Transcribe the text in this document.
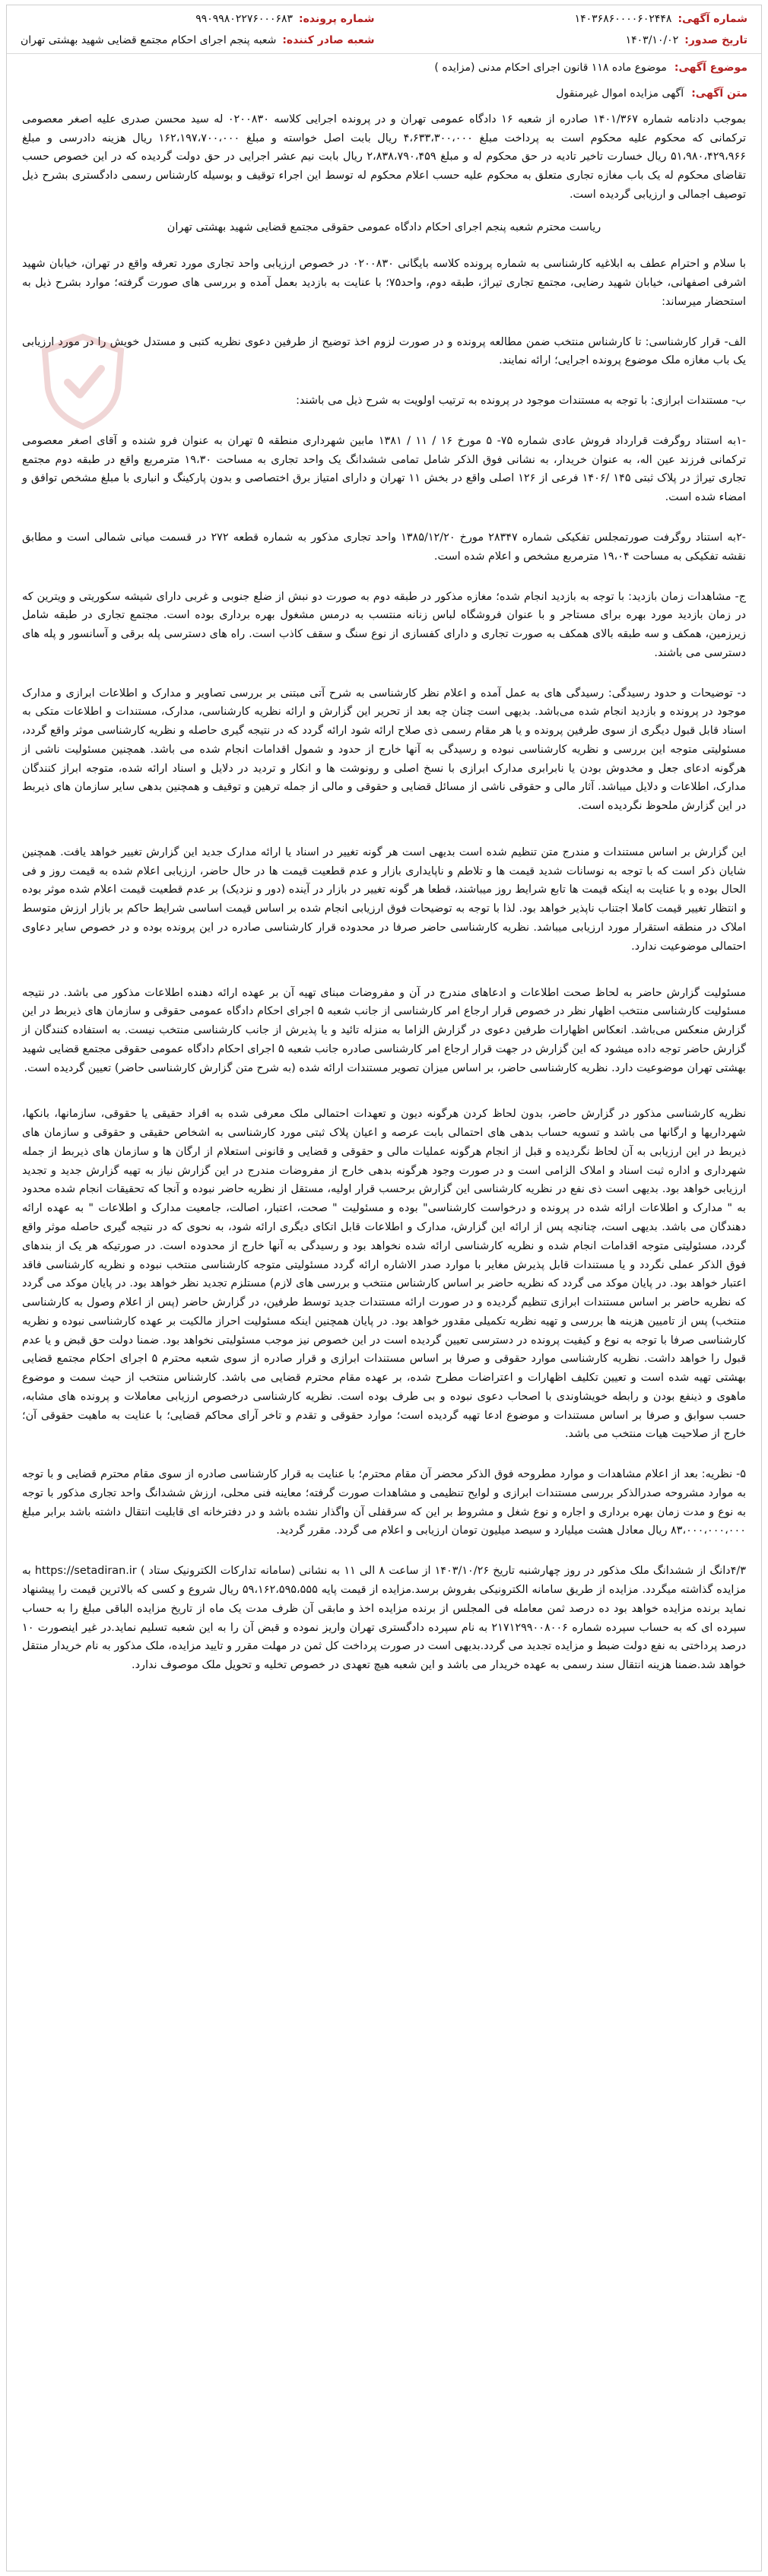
شماره آگهی:
۱۴۰۳۶۸۶۰۰۰۰۶۰۲۴۴۸
تاریخ صدور:
۱۴۰۳/۱۰/۰۲
شماره پرونده:
۹۹۰۹۹۸۰۲۲۷۶۰۰۰۶۸۳
شعبه صادر کننده:
شعبه پنجم اجرای احکام مجتمع قضایی شهید بهشتی تهران
موضوع آگهی:
موضوع ماده ۱۱۸ قانون اجرای احکام مدنی (مزایده )
متن آگهی:
آگهی مزایده اموال غیرمنقول

بموجب دادنامه شماره ۱۴۰۱/۳۶۷ صادره از شعبه ۱۶ دادگاه عمومی تهران و در پرونده اجرایی کلاسه ۰۲۰۰۸۳۰ له سید محسن صدری علیه اصغر معصومی ترکمانی که محکوم علیه محکوم است به پرداخت مبلغ ۴،۶۳۳،۳۰۰،۰۰۰ ریال بابت اصل خواسته و مبلغ ۱۶۲،۱۹۷،۷۰۰،۰۰۰ ریال هزینه دادرسی و مبلغ ۵۱،۹۸۰،۴۲۹،۹۶۶ ریال خسارت تاخیر تادیه در حق محکوم له و مبلغ ۲،۸۳۸،۷۹۰،۴۵۹ ریال بابت نیم عشر اجرایی در حق دولت گردیده که در این خصوص حسب تقاضای محکوم له یک باب مغازه تجاری متعلق به محکوم علیه حسب اعلام محکوم له توسط این اجراء توقیف و بوسیله کارشناس رسمی دادگستری بشرح ذیل توصیف اجمالی و ارزیابی گردیده است.

ریاست محترم شعبه پنجم اجرای احکام دادگاه عمومی حقوقی مجتمع قضایی شهید بهشتی تهران

با سلام و احترام عطف به ابلاغیه کارشناسی به شماره پرونده کلاسه بایگانی ۰۲۰۰۸۳۰ در خصوص ارزیابی واحد تجاری مورد تعرفه واقع در تهران، خیابان شهید اشرفی اصفهانی، خیابان شهید رضایی، مجتمع تجاری تیراژ، طبقه دوم، واحد۷۵؛ با عنایت به بازدید بعمل آمده و بررسی های صورت گرفته؛ موارد بشرح ذیل به استحضار میرساند:

الف- قرار کارشناسی: تا کارشناس منتخب ضمن مطالعه پرونده و در صورت لزوم اخذ توضیح از طرفین دعوی نظریه کتبی و مستدل خویش را در مورد ارزیابی یک باب مغازه ملک موضوع پرونده اجرایی؛ ارائه نمایند.

ب- مستندات ابرازی: با توجه به مستندات موجود در پرونده به ترتیب اولویت به شرح ذیل می باشند:

-۱به استناد روگرفت قرارداد فروش عادی شماره ۷۵- ۵ مورخ ۱۶ / ۱۱ / ۱۳۸۱ مابین شهرداری منطقه ۵ تهران به عنوان فرو شنده و آقای اصغر معصومی ترکمانی فرزند عین اله، به عنوان خریدار، به نشانی فوق الذکر شامل تمامی ششدانگ یک واحد تجاری به مساحت ۱۹،۳۰ مترمربع واقع در طبقه دوم مجتمع تجاری تیراژ در پلاک ثبتی ۱۴۵ /۱۴۰۶ فرعی از ۱۲۶ اصلی واقع در بخش ۱۱ تهران و دارای امتیاز برق اختصاصی و بدون پارکینگ و انباری با مبلغ مشخص توافق و امضاء شده است.

-۲به استناد روگرفت صورتمجلس تفکیکی شماره ۲۸۳۴۷ مورخ ۱۳۸۵/۱۲/۲۰ واحد تجاری مذکور به شماره قطعه ۲۷۲ در قسمت میانی شمالی است و مطابق نقشه تفکیکی به مساحت ۱۹،۰۴ مترمربع مشخص و اعلام شده است.

ج- مشاهدات زمان بازدید: با توجه به بازدید انجام شده؛ مغازه مذکور در طبقه دوم به صورت دو نبش از ضلع جنوبی و غربی دارای شیشه سکوریتی و ویترین که در زمان بازدید مورد بهره برای مستاجر و با عنوان فروشگاه لباس زنانه منتسب به درمس مشغول بهره برداری بوده است. مجتمع تجاری در طبقه شامل زیرزمین، همکف و سه طبقه بالای همکف به صورت تجاری و دارای کفسازی از نوع سنگ و سقف کاذب است. راه های دسترسی پله برقی و آسانسور و پله های دسترسی می باشند.

د- توضیحات و حدود رسیدگی: رسیدگی های به عمل آمده و اعلام نظر کارشناسی به شرح آتی مبتنی بر بررسی تصاویر و مدارک و اطلاعات ابرازی و مدارک موجود در پرونده و بازدید انجام شده می‌باشد. بدیهی است چنان چه بعد از تحریر این گزارش و ارائه نظریه کارشناسی، مدارک، مستندات و اطلاعات متکی به اسناد قابل قبول دیگری از سوی طرفین پرونده و یا هر مقام رسمی ذی صلاح ارائه شود ارائه گردد که در نتیجه گیری حاصله و نظریه کارشناسی موثر واقع گردد، مسئولیتی متوجه این بررسی و نظریه کارشناسی نبوده و رسیدگی به آنها خارج از حدود و شمول اقدامات انجام شده می باشد. همچنین مسئولیت ناشی از هرگونه ادعای جعل و مخدوش بودن یا نابرابری مدارک ابرازی با نسخ اصلی و رونوشت ها و انکار و تردید در دلایل و اسناد ارائه شده، متوجه ابراز کنندگان مدارک، اطلاعات و دلایل میباشد. آثار مالی و حقوقی ناشی از مسائل قضایی و حقوقی و مالی از جمله ترهین و توقیف و همچنین بدهی سایر سازمان های ذیربط در این گزارش ملحوظ نگردیده است.

این گزارش بر اساس مستندات و مندرج متن تنظیم شده است بدیهی است هر گونه تغییر در اسناد یا ارائه مدارک جدید این گزارش تغییر خواهد یافت. همچنین شایان ذکر است که با توجه به نوسانات شدید قیمت ها و تلاطم و ناپایداری بازار و عدم قطعیت قیمت ها در حال حاضر، ارزیابی اعلام شده به قیمت روز و فی الحال بوده و با عنایت به اینکه قیمت ها تابع شرایط روز میباشند، قطعا هر گونه تغییر در بازار در آینده (دور و نزدیک) بر عدم قطعیت قیمت اعلام شده موثر بوده و انتظار تغییر قیمت کاملا اجتناب ناپذیر خواهد بود. لذا با توجه به توضیحات فوق ارزیابی انجام شده بر اساس قیمت اساسی شرایط حاکم بر بازار ارزش متوسط املاک در منطقه استقرار مورد ارزیابی میباشد. نظریه کارشناسی حاضر صرفا در محدوده قرار کارشناسی صادره در این پرونده بوده و در خصوص سایر دعاوی احتمالی موضوعیت ندارد.

مسئولیت گزارش حاضر به لحاظ صحت اطلاعات و ادعاهای مندرج در آن و مفروضات مبنای تهیه آن بر عهده ارائه دهنده اطلاعات مذکور می باشد. در نتیجه مسئولیت کارشناسی منتخب اظهار نظر در خصوص قرار ارجاع امر کارشناسی از جانب شعبه ۵ اجرای احکام دادگاه عمومی حقوقی و سازمان های ذیربط در این گزارش منعکس می‌باشد. انعکاس اظهارات طرفین دعوی در گزارش الزاما به منزله تائید و یا پذیرش از جانب کارشناسی منتخب نیست. به استفاده کنندگان از گزارش حاضر توجه داده میشود که این گزارش در جهت قرار ارجاع امر کارشناسی صادره جانب شعبه ۵ اجرای احکام دادگاه عمومی حقوقی مجتمع قضایی شهید بهشتی تهران موضوعیت دارد. نظریه کارشناسی حاضر، بر اساس میزان تصویر مستندات ارائه شده (به شرح متن گزارش کارشناسی حاضر) تعیین گردیده است.

نظریه کارشناسی مذکور در گزارش حاضر، بدون لحاظ کردن هرگونه دیون و تعهدات احتمالی ملک معرفی شده به افراد حقیقی یا حقوقی، سازمانها، بانکها، شهرداریها و ارگانها می باشد و تسویه حساب بدهی های احتمالی بابت عرصه و اعیان پلاک ثبتی مورد کارشناسی به اشخاص حقیقی و حقوقی و سازمان های ذیربط در این ارزیابی به آن لحاظ نگردیده و قبل از انجام هرگونه عملیات مالی و حقوقی و قضایی و قانونی استعلام از ارگان ها و سازمان های ذیربط از جمله شهرداری و اداره ثبت اسناد و املاک الزامی است و در صورت وجود هرگونه بدهی خارج از مفروضات مندرج در این گزارش نیاز به تهیه گزارش جدید و تجدید ارزیابی خواهد بود. بدیهی است ذی نفع در نظریه کارشناسی این گزارش برحسب قرار اولیه، مستقل از نظریه حاضر نبوده و آنجا که تحقیقات انجام شده محدود به " مدارک و اطلاعات ارائه شده در پرونده و درخواست کارشناسی" بوده و مسئولیت " صحت، اعتبار، اصالت، جامعیت مدارک و اطلاعات " به عهده ارائه دهندگان می باشد. بدیهی است، چنانچه پس از ارائه این گزارش، مدارک و اطلاعات قابل اتکای دیگری ارائه شود، به نحوی که در نتیجه گیری حاصله موثر واقع گردد، مسئولیتی متوجه اقدامات انجام شده و نظریه کارشناسی ارائه شده نخواهد بود و رسیدگی به آنها خارج از محدوده است. در صورتیکه هر یک از بندهای فوق الذکر عملی نگردد و یا مستندات قابل پذیرش مغایر با موارد صدر الاشاره ارائه گردد مسئولیتی متوجه کارشناسی منتخب نبوده و نظریه کارشناسی فاقد اعتبار خواهد بود. در پایان موکد می گردد که نظریه حاضر بر اساس کارشناس منتخب و بررسی های لازم) مستلزم تجدید نظر خواهد بود. در پایان موکد می گردد که نظریه حاضر بر اساس مستندات ابرازی تنظیم گردیده و در صورت ارائه مستندات جدید توسط طرفین، در گزارش حاضر (پس از اعلام وصول به کارشناسی منتخب) پس از تامیین هزینه ها بررسی و تهیه نظریه تکمیلی مقدور خواهد بود. در پایان همچنین اینکه مسئولیت احراز مالکیت بر عهده کارشناسی نبوده و نظریه کارشناسی صرفا با توجه به نوع و کیفیت پرونده در دسترسی تعیین گردیده است در این خصوص نیز موجب مسئولیتی نخواهد بود. ضمنا دولت حق قبض و یا عدم قبول را خواهد داشت. نظریه کارشناسی موارد حقوقی و صرفا بر اساس مستندات ابرازی و قرار صادره از سوی شعبه محترم ۵ اجرای احکام مجتمع قضایی بهشتی تهیه شده است و تعیین تکلیف اظهارات و اعتراضات مطرح شده، بر عهده مقام محترم قضایی می باشد. کارشناس منتخب از حیث سمت و موضوع ماهوی و ذینفع بودن و رابطه خویشاوندی با اصحاب دعوی نبوده و بی طرف بوده است. نظریه کارشناسی درخصوص ارزیابی معاملات و پرونده های مشابه، حسب سوابق و صرفا بر اساس مستندات و موضوع ادعا تهیه گردیده است؛ موارد حقوقی و تقدم و تاخر آرای محاکم قضایی؛ با عنایت به ماهیت حقوقی آن؛ خارج از صلاحیت هیات منتخب می باشد.

۵- نظریه: بعد از اعلام مشاهدات و موارد مطروحه فوق الذکر محضر آن مقام محترم؛ با عنایت به قرار کارشناسی صادره از سوی مقام محترم قضایی و با توجه به موارد مشروحه صدرالذکر بررسی مستندات ابرازی و لوایح تنظیمی و مشاهدات صورت گرفته؛ معاینه فنی محلی، ارزش ششدانگ واحد تجاری مذکور با توجه به نوع و مدت زمان بهره برداری و اجاره و نوع شغل و مشروط بر این که سرقفلی آن واگذار نشده باشد و در دفترخانه ای قابلیت انتقال داشته باشد برابر مبلغ ۸۳،۰۰۰،۰۰۰،۰۰۰ ریال معادل هشت میلیارد و سیصد میلیون تومان ارزیابی و اعلام می گردد. مقرر گردید.

۴/۳دانگ از ششدانگ ملک مذکور در روز چهارشنبه تاریخ ۱۴۰۳/۱۰/۲۶ از ساعت ۸ الی ۱۱ به نشانی (سامانه تدارکات الکترونیک ستاد ) https://setadiran.ir به مزایده گذاشته میگردد. مزایده از طریق سامانه الکترونیکی بفروش برسد.مزایده از قیمت پایه ۵۹،۱۶۲،۵۹۵،۵۵۵ ریال شروع و کسی که بالاترین قیمت را پیشنهاد نماید برنده مزایده خواهد بود ده درصد ثمن معامله فی المجلس از برنده مزایده اخذ و مابقی آن ظرف مدت یک ماه از تاریخ مزایده الباقی مبلغ را به حساب سپرده ای که به حساب سپرده شماره ۲۱۷۱۲۹۹۰۰۸۰۰۶ به نام سپرده دادگستری تهران واریز نموده و قبض آن را به این شعبه تسلیم نماید.در غیر اینصورت ۱۰ درصد پرداختی به نفع دولت ضبط و مزایده تجدید می گردد.بدیهی است در صورت پرداخت کل ثمن در مهلت مقرر و تایید مزایده، ملک مذکور به نام خریدار منتقل خواهد شد.ضمنا هزینه انتقال سند رسمی به عهده خریدار می باشد و این شعبه هیچ تعهدی در خصوص تخلیه و تحویل ملک موصوف ندارد.
